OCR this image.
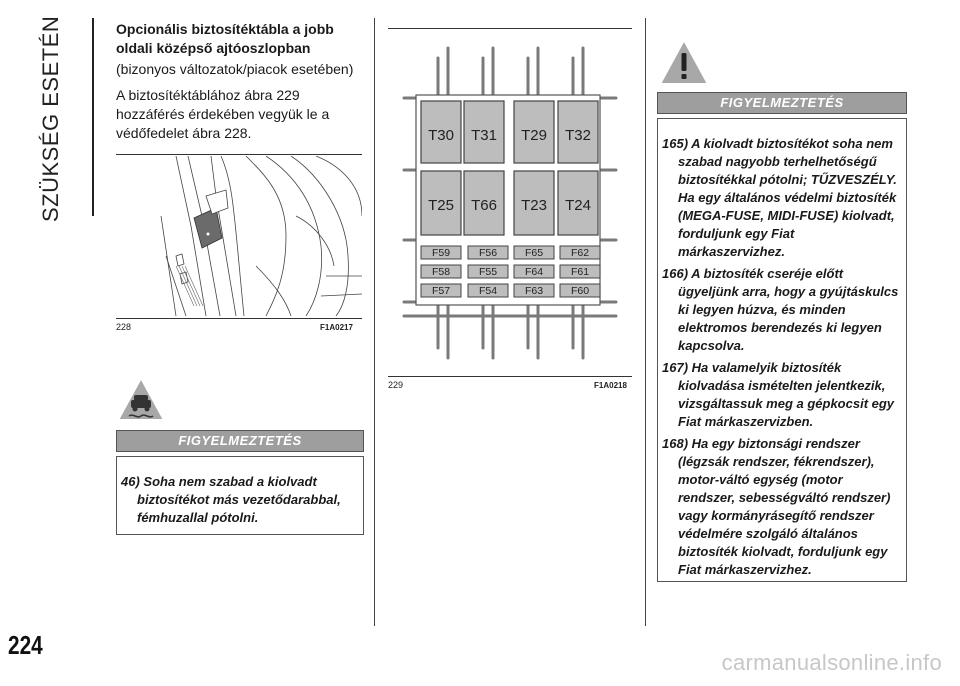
SZÜKSÉG ESETÉN
224
Opcionális biztosítéktábla a jobb
oldali középső ajtóoszlopban
(bizonyos változatok/piacok esetében)
A biztosítéktáblához ábra 229
hozzáférés érdekében vegyük le a
védőfedelet ábra 228.
228	F1A0217
FIGYELMEZTETÉS

46) Soha nem szabad a kiolvadt biztosítékot más vezetődarabbal, fémhuzallal pótolni.

T30 T31 T29 T32
T25 T66 T23 T24
F59	F56	F65	F62
F58	F55	F64	F61
F57	F54	F63	F60
229	F1A0218
FIGYELMEZTETÉS

165) A kiolvadt biztosítékot soha nem szabad nagyobb terhelhetőségű biztosítékkal pótolni; TŰZVESZÉLY. Ha egy általános védelmi biztosíték (MEGA-FUSE, MIDI-FUSE) kiolvadt, forduljunk egy Fiat márkaszervizhez.

166) A biztosíték cseréje előtt ügyeljünk arra, hogy a gyújtáskulcs ki legyen húzva, és minden elektromos berendezés ki legyen kapcsolva.

167) Ha valamelyik biztosíték kiolvadása ismételten jelentkezik, vizsgáltassuk meg a gépkocsit egy Fiat márkaszervizben.

168) Ha egy biztonsági rendszer (légzsák rendszer, fékrendszer), motor-váltó egység (motor rendszer, sebességváltó rendszer) vagy kormányrásegítő rendszer védelmére szolgáló általános biztosíték kiolvadt, forduljunk egy Fiat márkaszervizhez.

carmanualsonline.info
